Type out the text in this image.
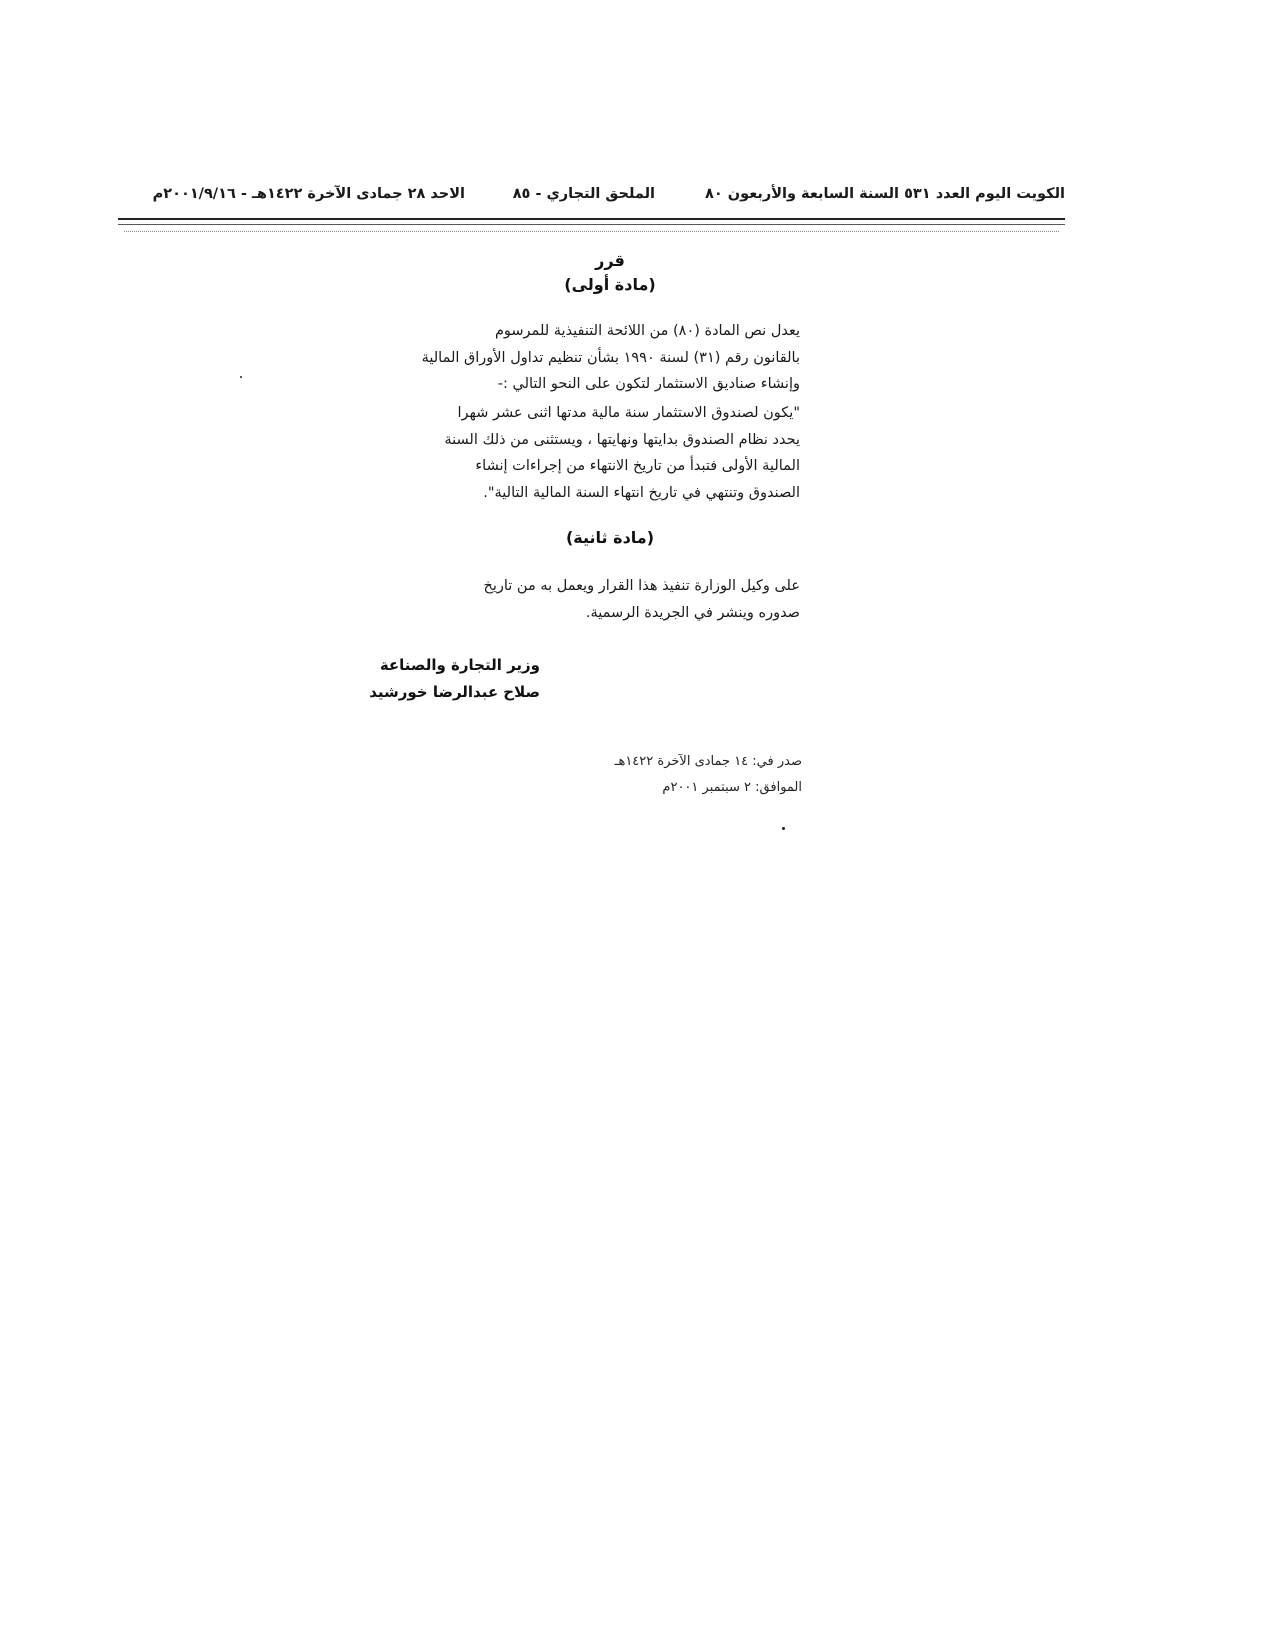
الكويت اليوم العدد ٥٣١ السنة السابعة والأربعون ٨٠
الملحق التجاري - ٨٥
الاحد ٢٨ جمادى الآخرة ١٤٢٢هـ - ٢٠٠١/٩/١٦م
قرر
(مادة أولى)
يعدل نص المادة (٨٠) من اللائحة التنفيذية للمرسوم
بالقانون رقم (٣١) لسنة ١٩٩٠ بشأن تنظيم تداول الأوراق المالية
وإنشاء صناديق الاستثمار لتكون على النحو التالي :-
"يكون لصندوق الاستثمار سنة مالية مدتها اثنى عشر شهرا
يحدد نظام الصندوق بدايتها ونهايتها ، ويستثنى من ذلك السنة
المالية الأولى فتبدأ من تاريخ الانتهاء من إجراءات إنشاء
الصندوق وتنتهي في تاريخ انتهاء السنة المالية التالية".
(مادة ثانية)
على وكيل الوزارة تنفيذ هذا القرار ويعمل به من تاريخ
صدوره وينشر في الجريدة الرسمية.
وزير التجارة والصناعة
صلاح عبدالرضا خورشيد
صدر في: ١٤ جمادى الآخرة ١٤٢٢هـ
الموافق: ٢ سبتمبر ٢٠٠١م
